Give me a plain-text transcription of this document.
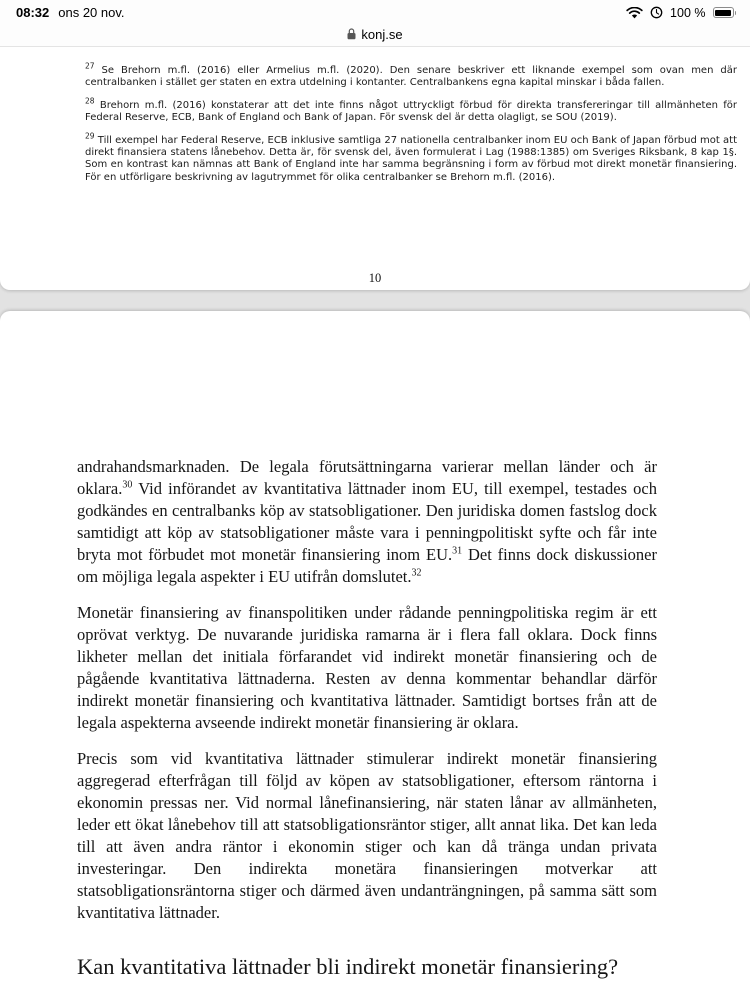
08:32 ons 20 nov.	100 %
konj.se

$^{27}$ Se Brehorn m.fl. (2016) eller Armelius m.fl. (2020). Den senare beskriver ett liknande exempel som ovan men där centralbanken i stället ger staten en extra utdelning i kontanter. Centralbankens egna kapital minskar i båda fallen.

$^{28}$ Brehorn m.fl. (2016) konstaterar att det inte finns något uttryckligt förbud för direkta transfereringar till allmänheten för Federal Reserve, ECB, Bank of England och Bank of Japan. För svensk del är detta olagligt, se SOU (2019).

$^{29}$ Till exempel har Federal Reserve, ECB inklusive samtliga 27 nationella centralbanker inom EU och Bank of Japan förbud mot att direkt finansiera statens lånebehov. Detta är, för svensk del, även formulerat i Lag (1988:1385) om Sveriges Riksbank, 8 kap 1§. Som en kontrast kan nämnas att Bank of England inte har samma begränsning i form av förbud mot direkt monetär finansiering. För en utförligare beskrivning av lagutrymmet för olika centralbanker se Brehorn m.fl. (2016).

10

andrahandsmarknaden. De legala förutsättningarna varierar mellan länder och är oklara.$^{30}$ Vid införandet av kvantitativa lättnader inom EU, till exempel, testades och godkändes en centralbanks köp av statsobligationer. Den juridiska domen fastslog dock samtidigt att köp av statsobligationer måste vara i penningpolitiskt syfte och får inte bryta mot förbudet mot monetär finansiering inom EU.$^{31}$ Det finns dock diskussioner om möjliga legala aspekter i EU utifrån domslutet.$^{32}$

Monetär finansiering av finanspolitiken under rådande penningpolitiska regim är ett oprövat verktyg. De nuvarande juridiska ramarna är i flera fall oklara. Dock finns likheter mellan det initiala förfarandet vid indirekt monetär finansiering och de pågående kvantitativa lättnaderna. Resten av denna kommentar behandlar därför indirekt monetär finansiering och kvantitativa lättnader. Samtidigt bortses från att de legala aspekterna avseende indirekt monetär finansiering är oklara.

Precis som vid kvantitativa lättnader stimulerar indirekt monetär finansiering aggregerad efterfrågan till följd av köpen av statsobligationer, eftersom räntorna i ekonomin pressas ner. Vid normal lånefinansiering, när staten lånar av allmänheten, leder ett ökat lånebehov till att statsobligationsräntor stiger, allt annat lika. Det kan leda till att även andra räntor i ekonomin stiger och kan då tränga undan privata investeringar. Den indirekta monetära finansieringen motverkar att statsobligationsräntorna stiger och därmed även undanträngningen, på samma sätt som kvantitativa lättnader.

Kan kvantitativa lättnader bli indirekt monetär finansiering?
